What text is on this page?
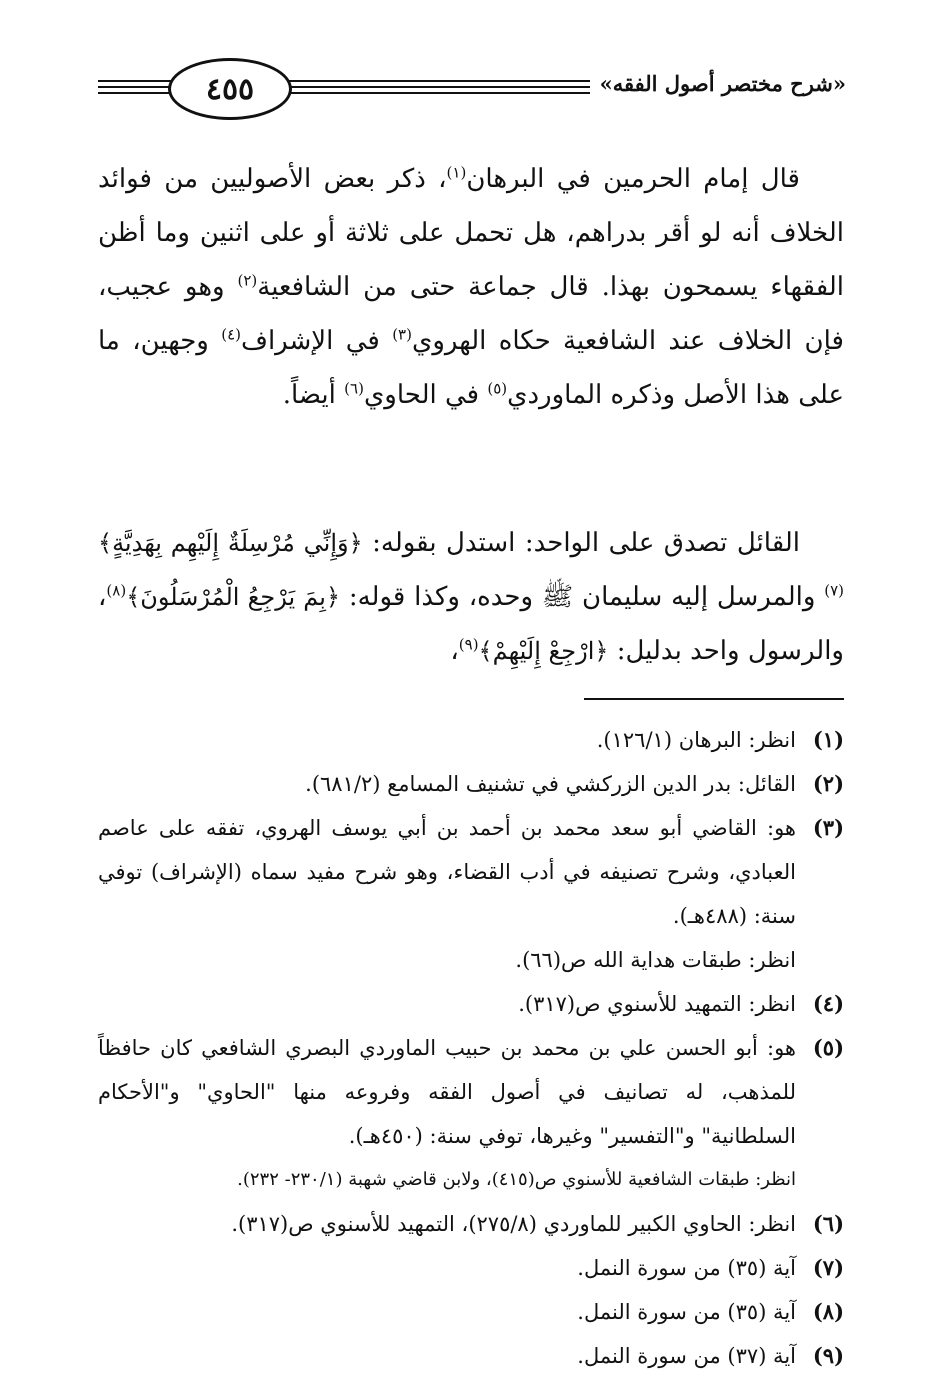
«شرح مختصر أصول الفقه»
٤٥٥

قال إمام الحرمين في البرهان$^{(١)}$، ذكر بعض الأصوليين من فوائد الخلاف أنه لو أقر بدراهم، هل تحمل على ثلاثة أو على اثنين وما أظن الفقهاء يسمحون بهذا. قال جماعة حتى من الشافعية$^{(٢)}$ وهو عجيب، فإن الخلاف عند الشافعية حكاه الهروي$^{(٣)}$ في الإشراف$^{(٤)}$ وجهين، ما على هذا الأصل وذكره الماوردي$^{(٥)}$ في الحاوي$^{(٦)}$ أيضاً.

القائل تصدق على الواحد: استدل بقوله: ﴿وَإِنِّي مُرْسِلَةٌ إِلَيْهِم بِهَدِيَّةٍ﴾$^{(٧)}$ والمرسل إليه سليمان ﷺ وحده، وكذا قوله: ﴿بِمَ يَرْجِعُ الْمُرْسَلُونَ﴾$^{(٨)}$، والرسول واحد بدليل: ﴿ارْجِعْ إِلَيْهِمْ﴾$^{(٩)}$،

(١)
انظر: البرهان (١٢٦/١).
(٢)
القائل: بدر الدين الزركشي في تشنيف المسامع (٦٨١/٢).
(٣)
هو: القاضي أبو سعد محمد بن أحمد بن أبي يوسف الهروي، تفقه على عاصم العبادي، وشرح تصنيفه في أدب القضاء، وهو شرح مفيد سماه (الإشراف) توفي سنة: (٤٨٨هـ).
انظر: طبقات هداية الله ص(٦٦).
(٤)
انظر: التمهيد للأسنوي ص(٣١٧).
(٥)
هو: أبو الحسن علي بن محمد بن حبيب الماوردي البصري الشافعي كان حافظاً للمذهب، له تصانيف في أصول الفقه وفروعه منها "الحاوي" و"الأحكام السلطانية" و"التفسير" وغيرها، توفي سنة: (٤٥٠هـ).
انظر: طبقات الشافعية للأسنوي ص(٤١٥)، ولابن قاضي شهبة (٢٣٠/١- ٢٣٢).
(٦)
انظر: الحاوي الكبير للماوردي (٢٧٥/٨)، التمهيد للأسنوي ص(٣١٧).
(٧)
آية (٣٥) من سورة النمل.
(٨)
آية (٣٥) من سورة النمل.
(٩)
آية (٣٧) من سورة النمل.
